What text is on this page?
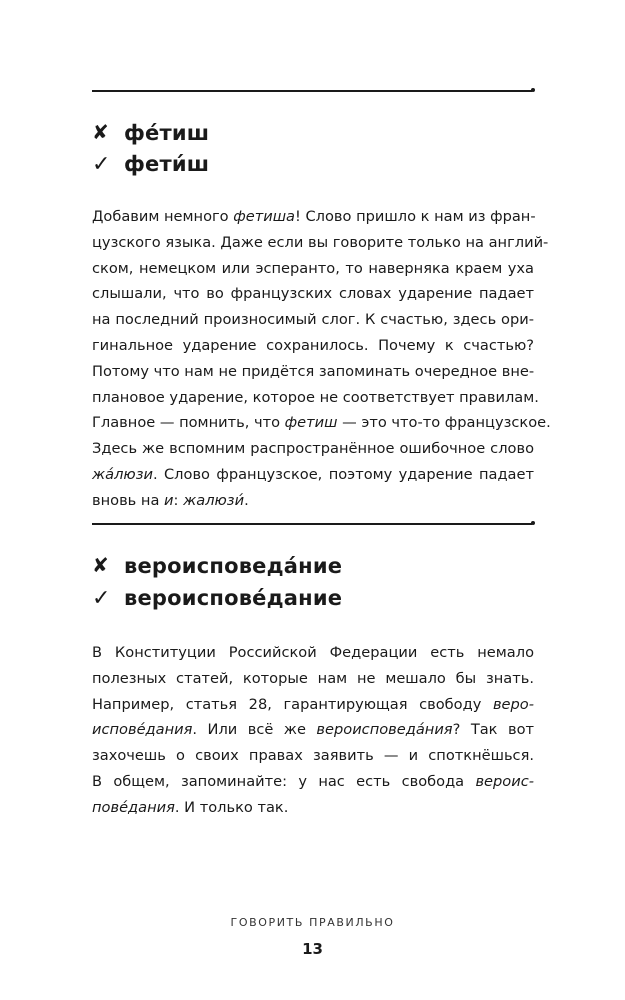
✘ фе́тиш
✓ фети́ш
Добавим немного фетиша! Слово пришло к нам из фран-
цузского языка. Даже если вы говорите только на англий-
ском, немецком или эсперанто, то наверняка краем уха
слышали, что во французских словах ударение падает
на последний произносимый слог. К счастью, здесь ори-
гинальное ударение сохранилось. Почему к счастью?
Потому что нам не придётся запоминать очередное вне-
плановое ударение, которое не соответствует правилам.
Главное — помнить, что фетиш — это что-то французское.
Здесь же вспомним распространённое ошибочное слово
жа́люзи. Слово французское, поэтому ударение падает
вновь на и: жалюзи́.
✘ вероисповеда́ние
✓ вероиспове́дание
В Конституции Российской Федерации есть немало
полезных статей, которые нам не мешало бы знать.
Например, статья 28, гарантирующая свободу веро-
испове́дания. Или всё же вероисповеда́ния? Так вот
захочешь о своих правах заявить — и споткнёшься.
В общем, запоминайте: у нас есть свобода вероис-
пове́дания. И только так.
ГОВОРИТЬ ПРАВИЛЬНО
13
